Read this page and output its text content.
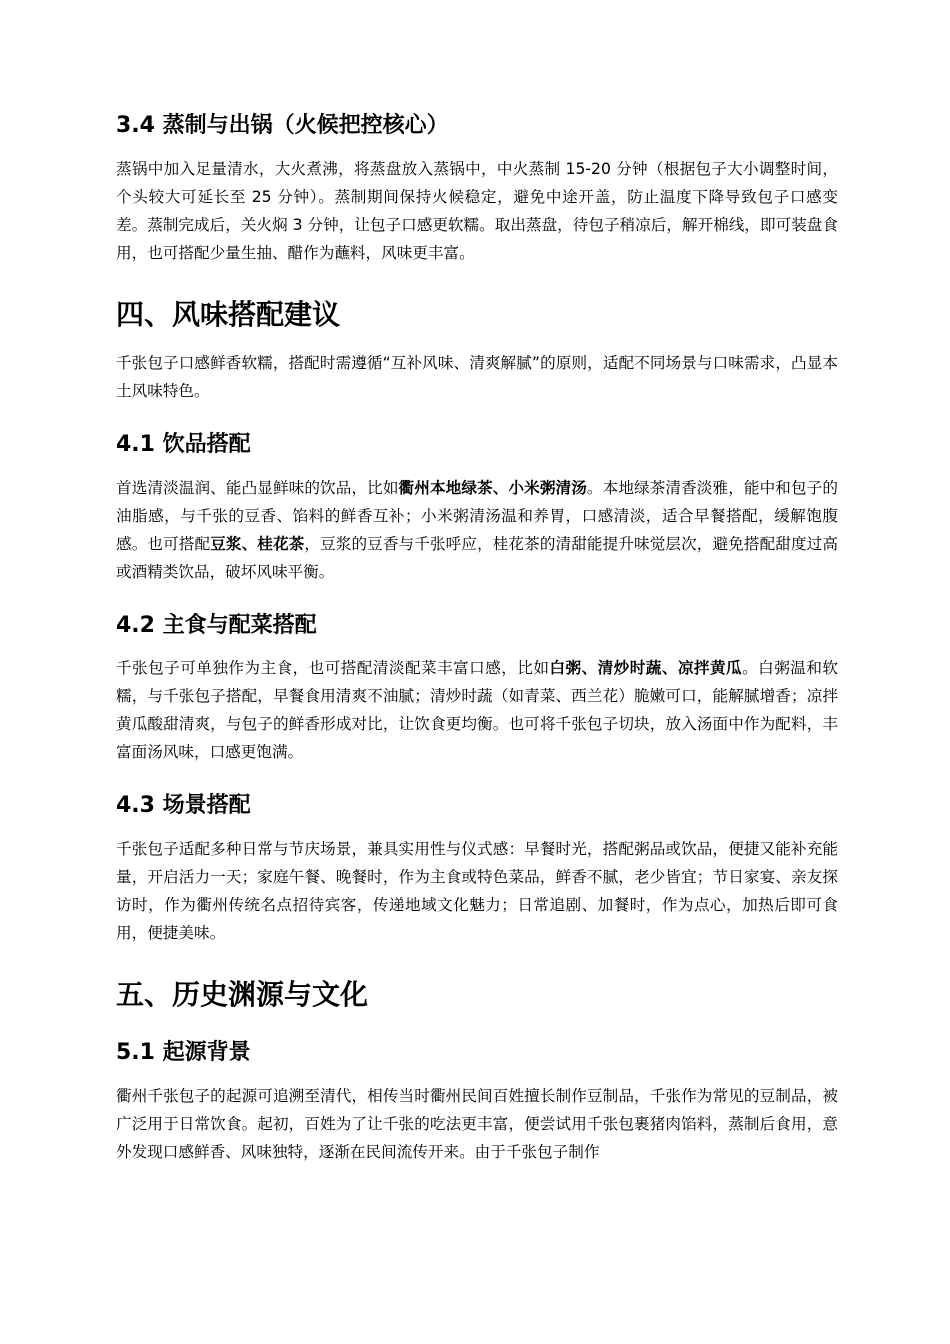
3.4 蒸制与出锅（火候把控核心）

蒸锅中加入足量清水，大火煮沸，将蒸盘放入蒸锅中，中火蒸制 15-20 分钟（根据包子大小调整时间，个头较大可延长至 25 分钟）。蒸制期间保持火候稳定，避免中途开盖，防止温度下降导致包子口感变差。蒸制完成后，关火焖 3 分钟，让包子口感更软糯。取出蒸盘，待包子稍凉后，解开棉线，即可装盘食用，也可搭配少量生抽、醋作为蘸料，风味更丰富。

四、风味搭配建议

千张包子口感鲜香软糯，搭配时需遵循“互补风味、清爽解腻”的原则，适配不同场景与口味需求，凸显本土风味特色。

4.1 饮品搭配

首选清淡温润、能凸显鲜味的饮品，比如衢州本地绿茶、小米粥清汤。本地绿茶清香淡雅，能中和包子的油脂感，与千张的豆香、馅料的鲜香互补；小米粥清汤温和养胃，口感清淡，适合早餐搭配，缓解饱腹感。也可搭配豆浆、桂花茶，豆浆的豆香与千张呼应，桂花茶的清甜能提升味觉层次，避免搭配甜度过高或酒精类饮品，破坏风味平衡。

4.2 主食与配菜搭配

千张包子可单独作为主食，也可搭配清淡配菜丰富口感，比如白粥、清炒时蔬、凉拌黄瓜。白粥温和软糯，与千张包子搭配，早餐食用清爽不油腻；清炒时蔬（如青菜、西兰花）脆嫩可口，能解腻增香；凉拌黄瓜酸甜清爽，与包子的鲜香形成对比，让饮食更均衡。也可将千张包子切块，放入汤面中作为配料，丰富面汤风味，口感更饱满。

4.3 场景搭配

千张包子适配多种日常与节庆场景，兼具实用性与仪式感：早餐时光，搭配粥品或饮品，便捷又能补充能量，开启活力一天；家庭午餐、晚餐时，作为主食或特色菜品，鲜香不腻，老少皆宜；节日家宴、亲友探访时，作为衢州传统名点招待宾客，传递地域文化魅力；日常追剧、加餐时，作为点心，加热后即可食用，便捷美味。

五、历史渊源与文化
5.1 起源背景

衢州千张包子的起源可追溯至清代，相传当时衢州民间百姓擅长制作豆制品，千张作为常见的豆制品，被广泛用于日常饮食。起初，百姓为了让千张的吃法更丰富，便尝试用千张包裹猪肉馅料，蒸制后食用，意外发现口感鲜香、风味独特，逐渐在民间流传开来。由于千张包子制作
